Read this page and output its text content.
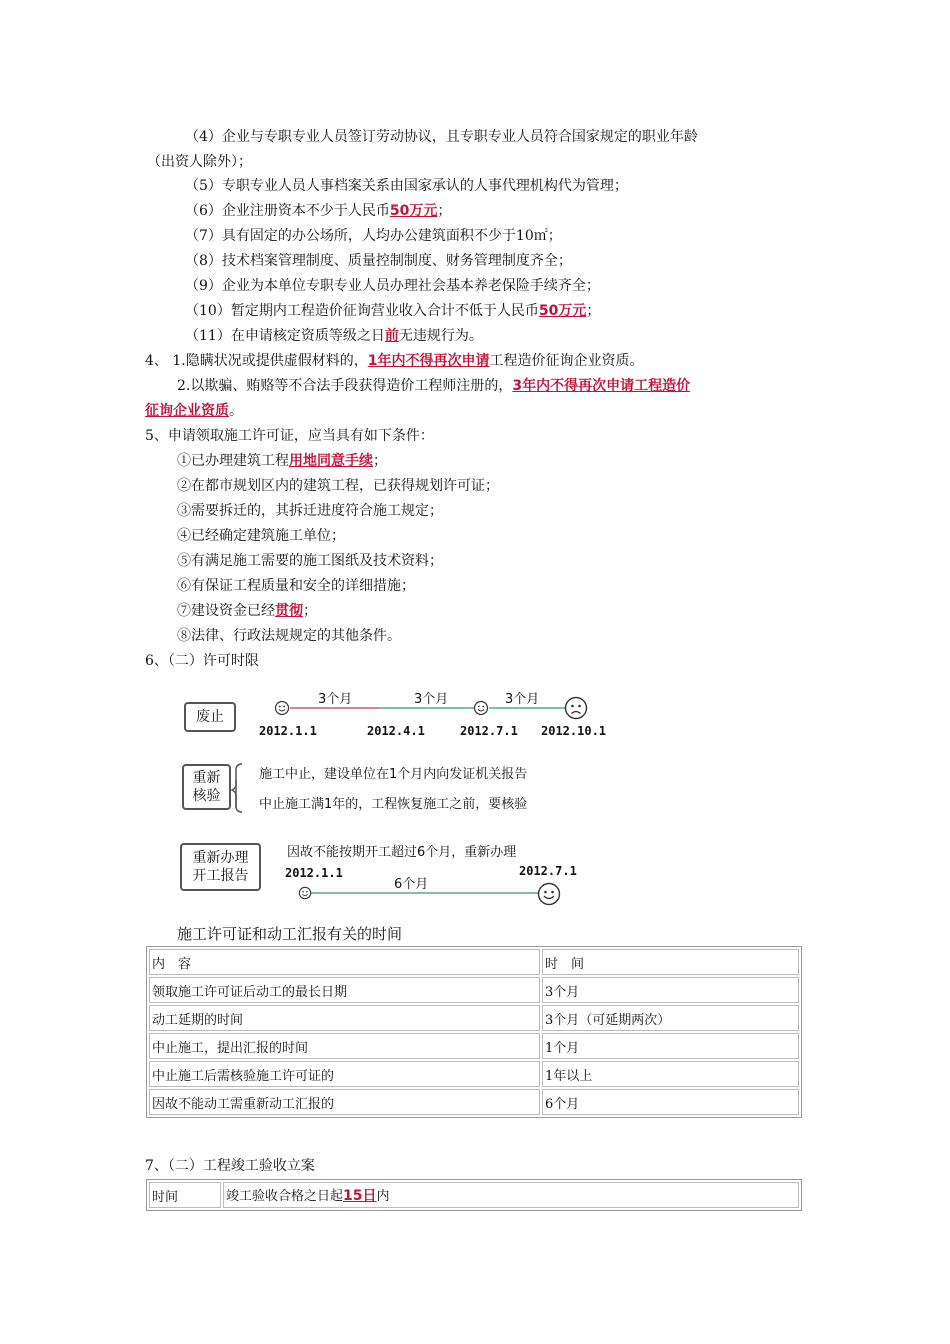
（4）企业与专职专业人员签订劳动协议，且专职专业人员符合国家规定的职业年龄
（出资人除外）；
（5）专职专业人员人事档案关系由国家承认的人事代理机构代为管理；
（6）企业注册资本不少于人民币50万元；
（7）具有固定的办公场所，人均办公建筑面积不少于10㎡；
（8）技术档案管理制度、质量控制制度、财务管理制度齐全；
（9）企业为本单位专职专业人员办理社会基本养老保险手续齐全；
（10）暂定期内工程造价征询营业收入合计不低于人民币50万元；
（11）在申请核定资质等级之日前无违规行为。
4、 1.隐瞒状况或提供虚假材料的，1年内不得再次申请工程造价征询企业资质。
2.以欺骗、贿赂等不合法手段获得造价工程师注册的，3年内不得再次申请工程造价
征询企业资质。
5、申请领取施工许可证，应当具有如下条件：
①已办理建筑工程用地同意手续；
②在都市规划区内的建筑工程，已获得规划许可证；
③需要拆迁的，其拆迁进度符合施工规定；
④已经确定建筑施工单位；
⑤有满足施工需要的施工图纸及技术资料；
⑥有保证工程质量和安全的详细措施；
⑦建设资金已经贯彻；
⑧法律、行政法规规定的其他条件。
6、（二）许可时限
废止
3个月	3个月	3个月
2012.1.1	2012.4.1	2012.7.1 2012.10.1
重新
核验
施工中止，建设单位在1个月内向发证机关报告
中止施工满1年的，工程恢复施工之前，要核验
重新办理
开工报告
因故不能按期开工超过6个月，重新办理
2012.1.1	2012.7.1
6个月
施工许可证和动工汇报有关的时间
内　容	时　间
领取施工许可证后动工的最长日期	3个月
动工延期的时间	3个月（可延期两次）
中止施工，提出汇报的时间	1个月
中止施工后需核验施工许可证的	1年以上
因故不能动工需重新动工汇报的	6个月
7、（二）工程竣工验收立案
时间	竣工验收合格之日起15日内
